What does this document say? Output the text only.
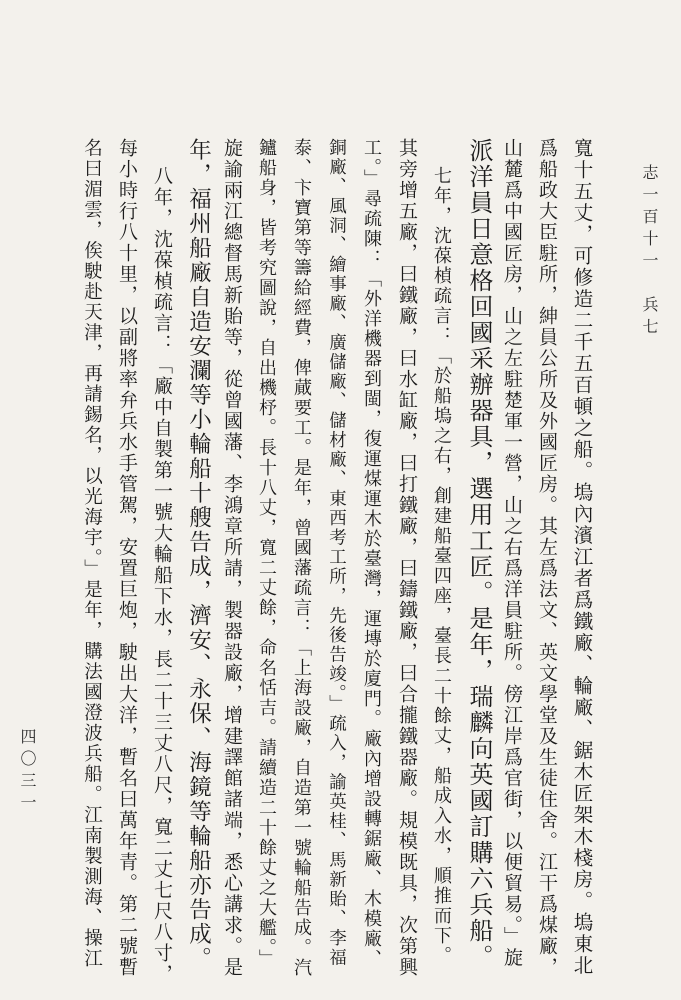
志一百十一　兵七
四〇三一	寬十五丈，可修造二千五百頓之船。塢內濱江者爲鐵廠、輪廠、鋸木匠架木棧房。塢東北
爲船政大臣駐所，紳員公所及外國匠房。其左爲法文、英文學堂及生徒住舍。江干爲煤廠，
山麓爲中國匠房，山之左駐楚軍一營，山之右爲洋員駐所。傍江岸爲官街，以便貿易。」旋
派洋員日意格回國采辦器具，選用工匠。是年，瑞麟向英國訂購六兵船。
七年，沈葆楨疏言：「於船塢之右，創建船臺四座，臺長二十餘丈，船成入水，順推而下。
其旁增五廠，曰鐵廠，曰水缸廠，曰打鐵廠，曰鑄鐵廠，曰合攏鐵器廠。規模既具，次第興
工。」尋疏陳：「外洋機器到閩，復運煤運木於臺灣，運塼於廈門。廠內增設轉鋸廠、木模廠、
銅廠、風洞、繪事廠、廣儲廠、儲材廠、東西考工所，先後告竣。」疏入，諭英桂、馬新貽、李福
泰、卞寶第等籌給經費，俾蕆要工。是年，曾國藩疏言：「上海設廠，自造第一號輪船告成。汽
鑪船身，皆考究圖說，自出機杼。長十八丈，寬二丈餘，命名恬吉。請續造二十餘丈之大艦。」
旋諭兩江總督馬新貽等，從曾國藩、李鴻章所請，製器設廠，增建譯館諸端，悉心講求。是
年，福州船廠自造安瀾等小輪船十艘告成，濟安、永保、海鏡等輪船亦告成。
八年，沈葆楨疏言：「廠中自製第一號大輪船下水，長二十三丈八尺，寬二丈七尺八寸，
每小時行八十里，以副將率弁兵水手管駕，安置巨炮，駛出大洋，暫名曰萬年青。第二號暫
名曰湄雲，俟駛赴天津，再請錫名，以光海宇。」是年，購法國澄波兵船。江南製測海、操江
